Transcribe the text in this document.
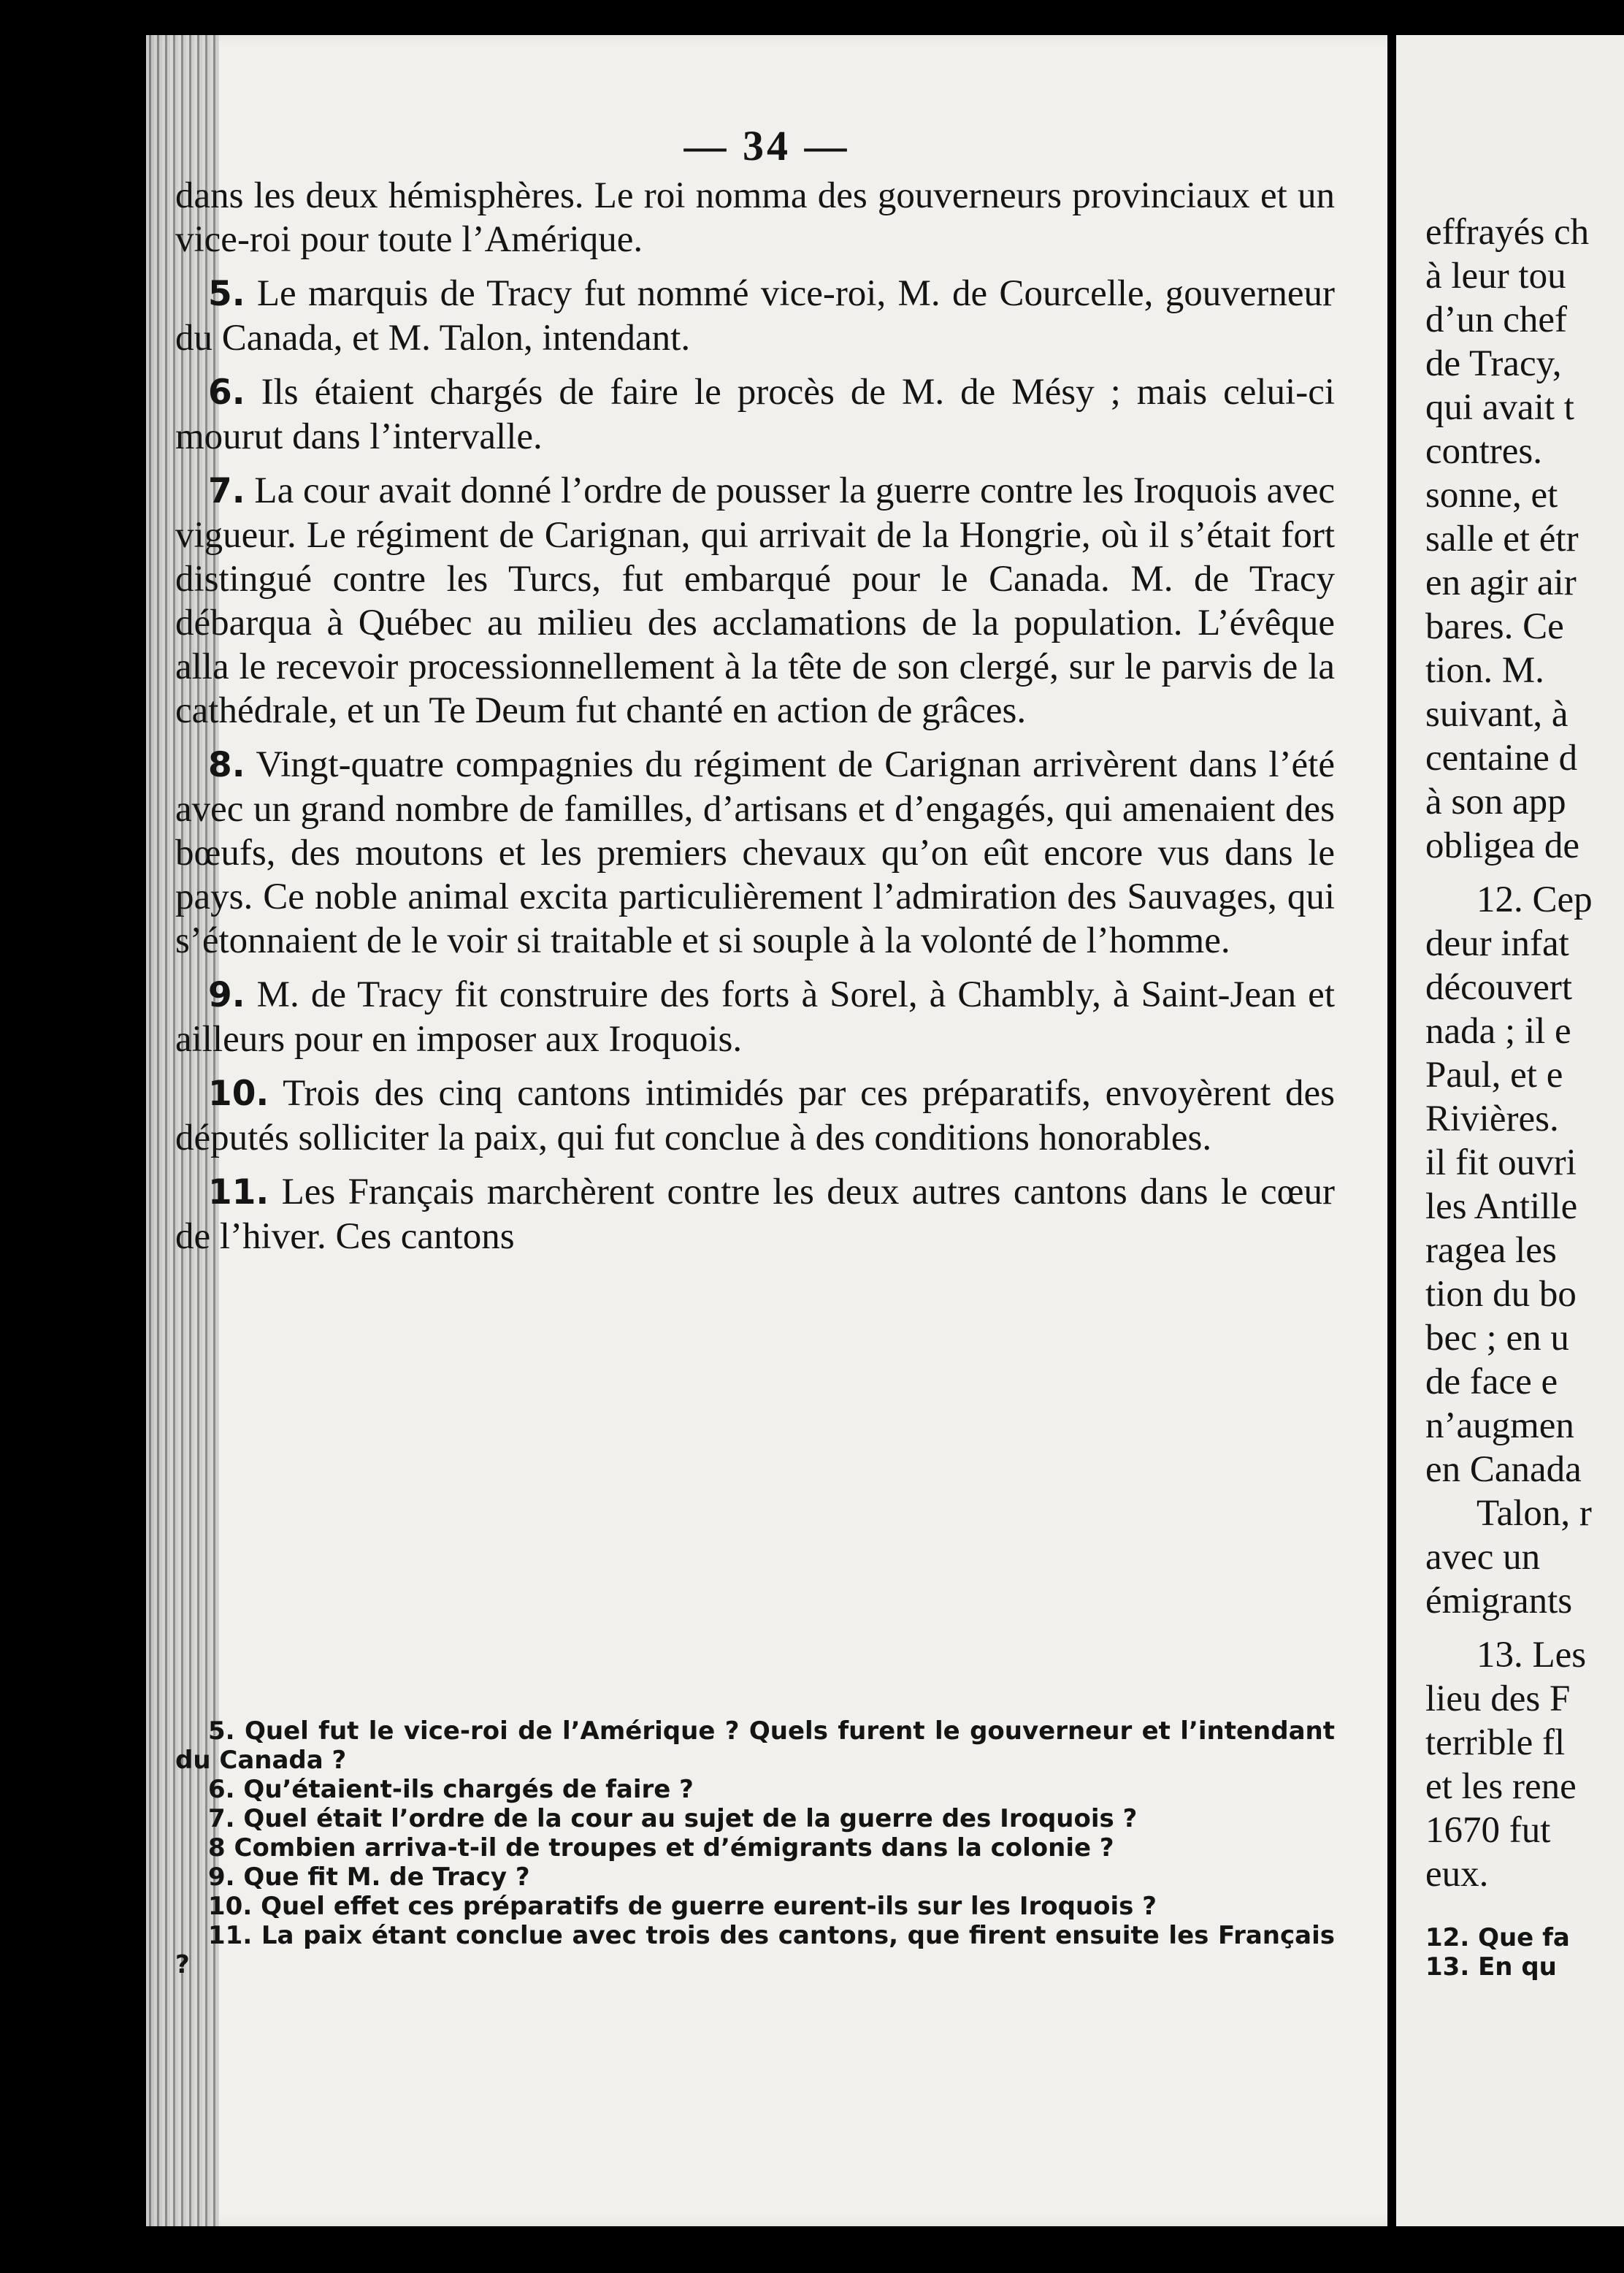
— 34 —

dans les deux hémisphères. Le roi nomma des gouverneurs provinciaux et un vice-roi pour toute l’Amérique.

5. Le marquis de Tracy fut nommé vice-roi, M. de Courcelle, gouverneur du Canada, et M. Talon, intendant.

6. Ils étaient chargés de faire le procès de M. de Mésy ; mais celui-ci mourut dans l’intervalle.

7. La cour avait donné l’ordre de pousser la guerre contre les Iroquois avec vigueur. Le régiment de Carignan, qui arrivait de la Hongrie, où il s’était fort distingué contre les Turcs, fut embarqué pour le Canada. M. de Tracy débarqua à Québec au milieu des acclamations de la population. L’évêque alla le recevoir processionnellement à la tête de son clergé, sur le parvis de la cathédrale, et un Te Deum fut chanté en action de grâces.

8. Vingt-quatre compagnies du régiment de Carignan arrivèrent dans l’été avec un grand nombre de familles, d’artisans et d’engagés, qui amenaient des bœufs, des moutons et les premiers chevaux qu’on eût encore vus dans le pays. Ce noble animal excita particulièrement l’admiration des Sauvages, qui s’étonnaient de le voir si traitable et si souple à la volonté de l’homme.

9. M. de Tracy fit construire des forts à Sorel, à Chambly, à Saint-Jean et ailleurs pour en imposer aux Iroquois.

10. Trois des cinq cantons intimidés par ces préparatifs, envoyèrent des députés solliciter la paix, qui fut conclue à des conditions honorables.

11. Les Français marchèrent contre les deux autres cantons dans le cœur de l’hiver. Ces cantons

5. Quel fut le vice-roi de l’Amérique ? Quels furent le gouverneur et l’intendant du Canada ?
6. Qu’étaient-ils chargés de faire ?
7. Quel était l’ordre de la cour au sujet de la guerre des Iroquois ?
8 Combien arriva-t-il de troupes et d’émigrants dans la colonie ?
9. Que fit M. de Tracy ?
10. Quel effet ces préparatifs de guerre eurent-ils sur les Iroquois ?
11. La paix étant conclue avec trois des cantons, que firent ensuite les Français ?
effrayés ch
à leur tou
d’un chef
de Tracy,
qui avait t
contres.
sonne, et
salle et étr
en agir air
bares. Ce
tion. M.
suivant, à
centaine d
à son app
obligea de
12. Cep
deur infat
découvert
nada ; il e
Paul, et e
Rivières.
il fit ouvri
les Antille
ragea les
tion du bo
bec ; en u
de face e
n’augmen
en Canada
Talon, r
avec un
émigrants
13. Les
lieu des F
terrible fl
et les rene
1670 fut
eux.
12. Que fa
13. En qu
